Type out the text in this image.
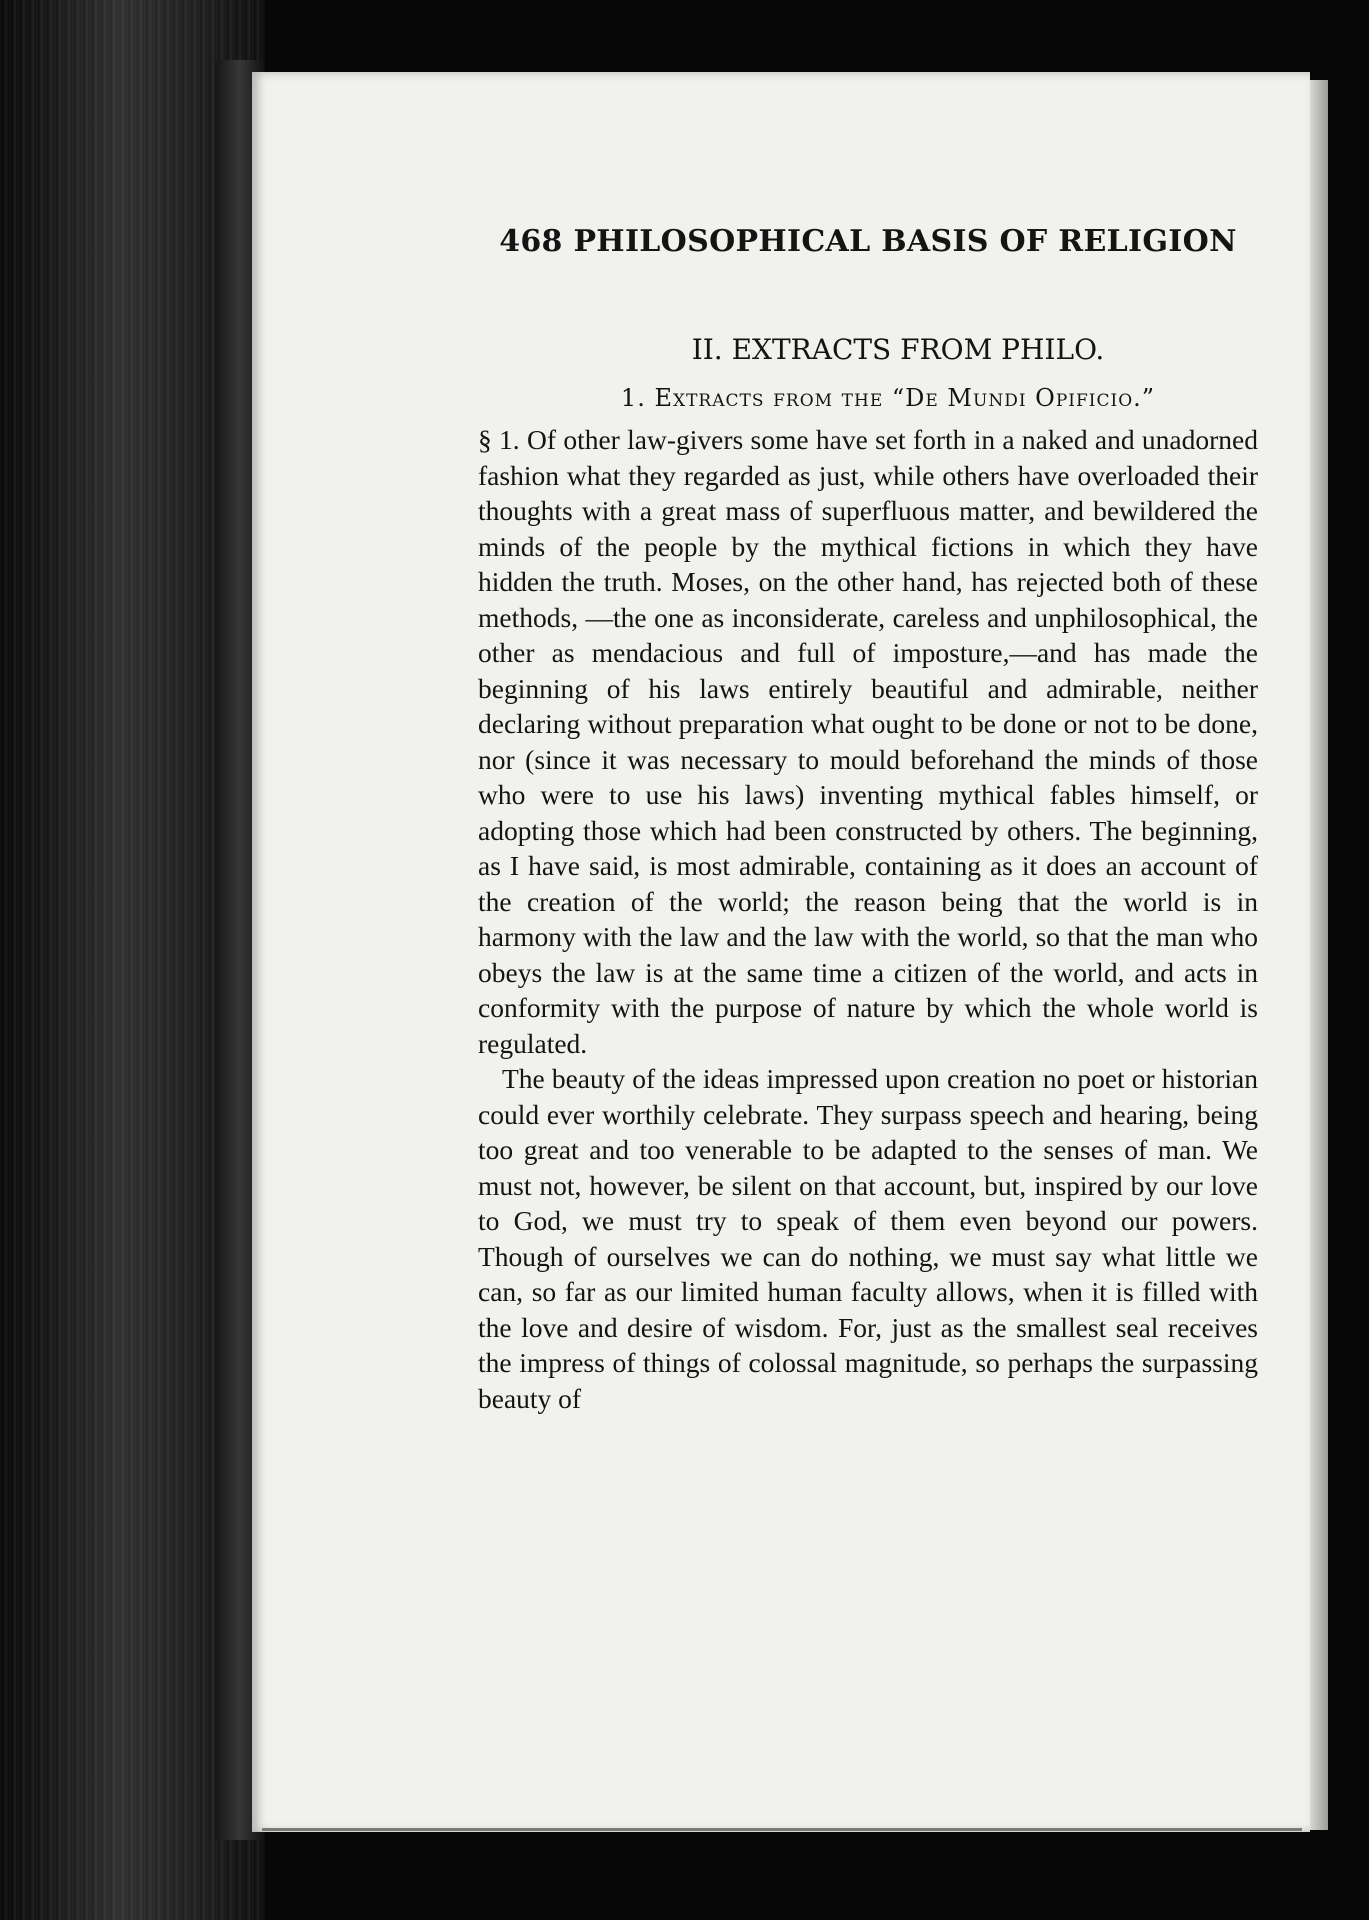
468 PHILOSOPHICAL BASIS OF RELIGION
II. EXTRACTS FROM PHILO.
1. Extracts from the “De Mundi Opificio.”

§ 1. Of other law-givers some have set forth in a naked and unadorned fashion what they regarded as just, while others have overloaded their thoughts with a great mass of superfluous matter, and bewildered the minds of the people by the mythical fictions in which they have hidden the truth. Moses, on the other hand, has rejected both of these methods, —the one as inconsiderate, careless and unphilosophical, the other as mendacious and full of imposture,—and has made the beginning of his laws entirely beautiful and admirable, neither declaring without preparation what ought to be done or not to be done, nor (since it was necessary to mould beforehand the minds of those who were to use his laws) inventing mythical fables himself, or adopting those which had been constructed by others. The beginning, as I have said, is most admirable, containing as it does an account of the creation of the world; the reason being that the world is in harmony with the law and the law with the world, so that the man who obeys the law is at the same time a citizen of the world, and acts in conformity with the purpose of nature by which the whole world is regulated.

The beauty of the ideas impressed upon creation no poet or historian could ever worthily celebrate. They surpass speech and hearing, being too great and too venerable to be adapted to the senses of man. We must not, however, be silent on that account, but, inspired by our love to God, we must try to speak of them even beyond our powers. Though of ourselves we can do nothing, we must say what little we can, so far as our limited human faculty allows, when it is filled with the love and desire of wisdom. For, just as the smallest seal receives the impress of things of colossal magnitude, so perhaps the surpassing beauty of
